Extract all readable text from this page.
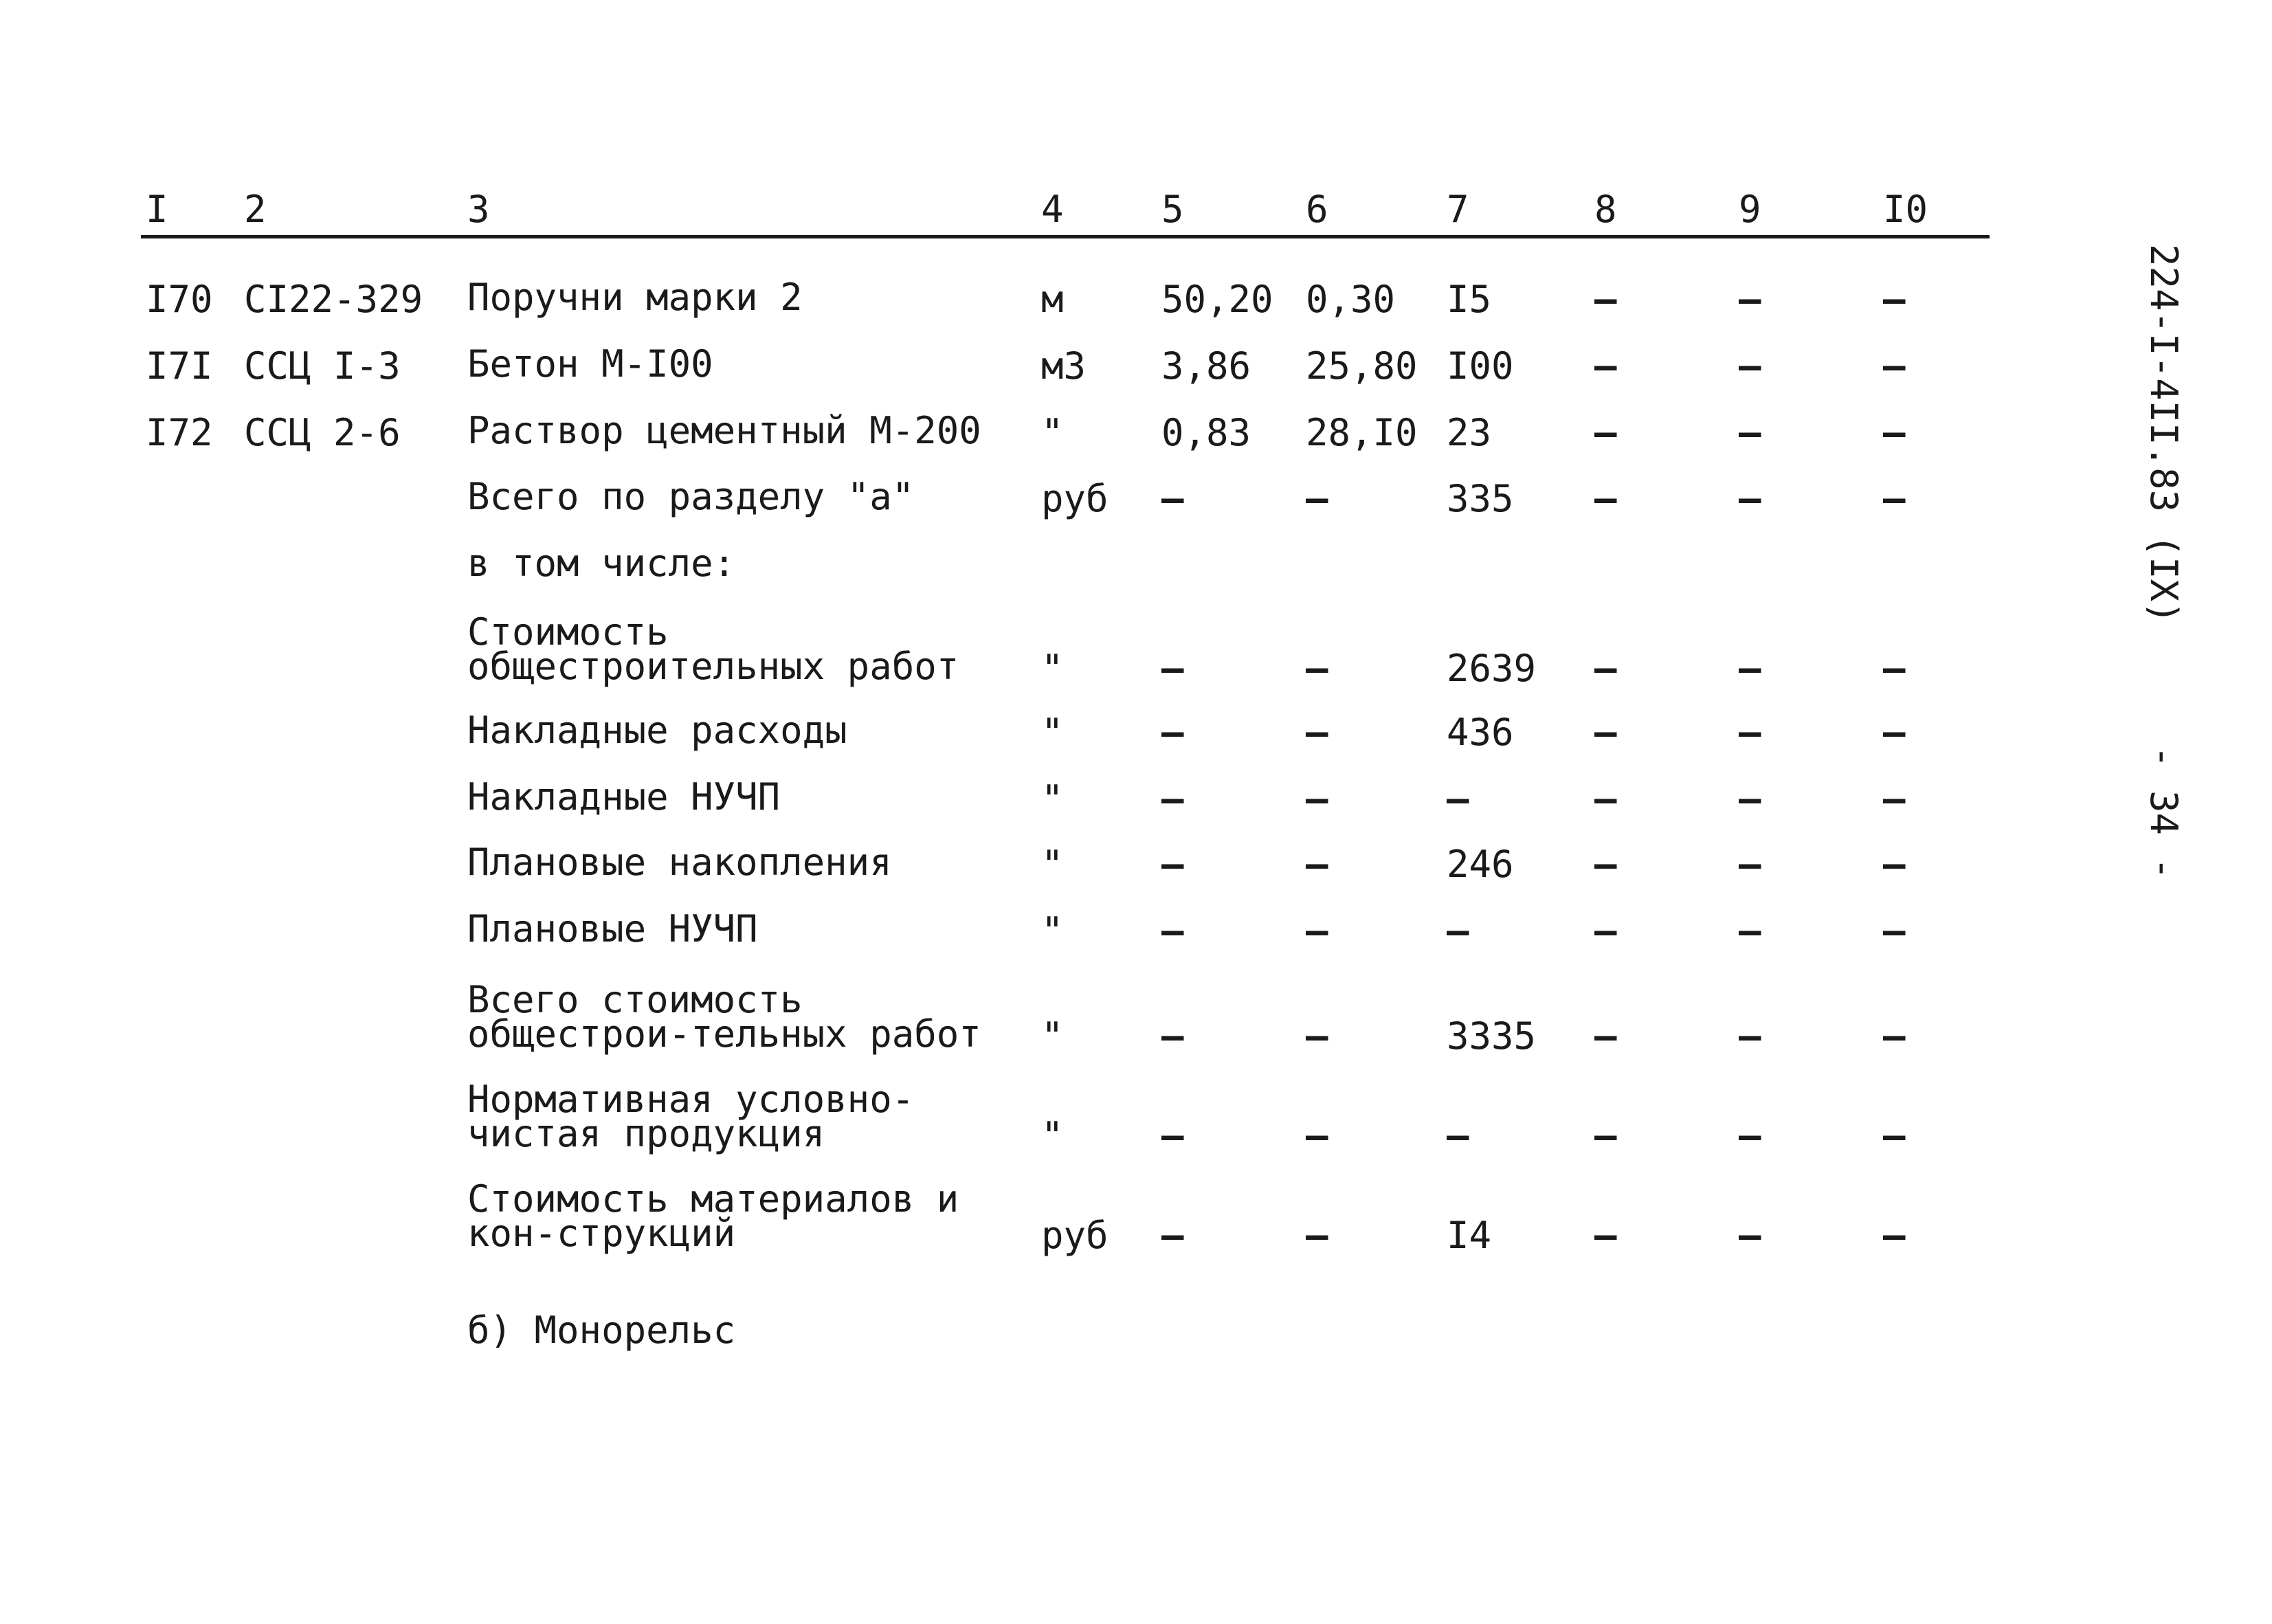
I 2	3	4	5	6	7	8	9	I0
I70 СI22-329 Поручни марки 2	м	50,20 0,30 I5	–	–	–
I7I ССЦ I-3 Бетон М-I00	м3 3,86 25,80 I00 –	–	–
I72 ССЦ 2-6 Раствор цементный М-200	"	0,83 28,I0 23	–	–	–
Всего по разделу "а"	руб –	–	335 –	–	–
в том числе:
Стоимость общестроительных работ	"	–	–	2639 –	–	–
Накладные расходы	"	–	–	436 –	–	–
Накладные НУЧП	"	–	–	–	–	–	–
Плановые накопления	"	–	–	246 –	–	–
Плановые НУЧП	"	–	–	–	–	–	–
Всего стоимость общестрои-тельных работ	"	–	–	3335 –	–	–
Нормативная условно-чистая продукция	"	–	–	–	–	–	–
Стоимость материалов и кон-струкций	руб –	–	I4	–	–	–
б) Монорельс
224-I-4II.83 (IX)
- 34 -
